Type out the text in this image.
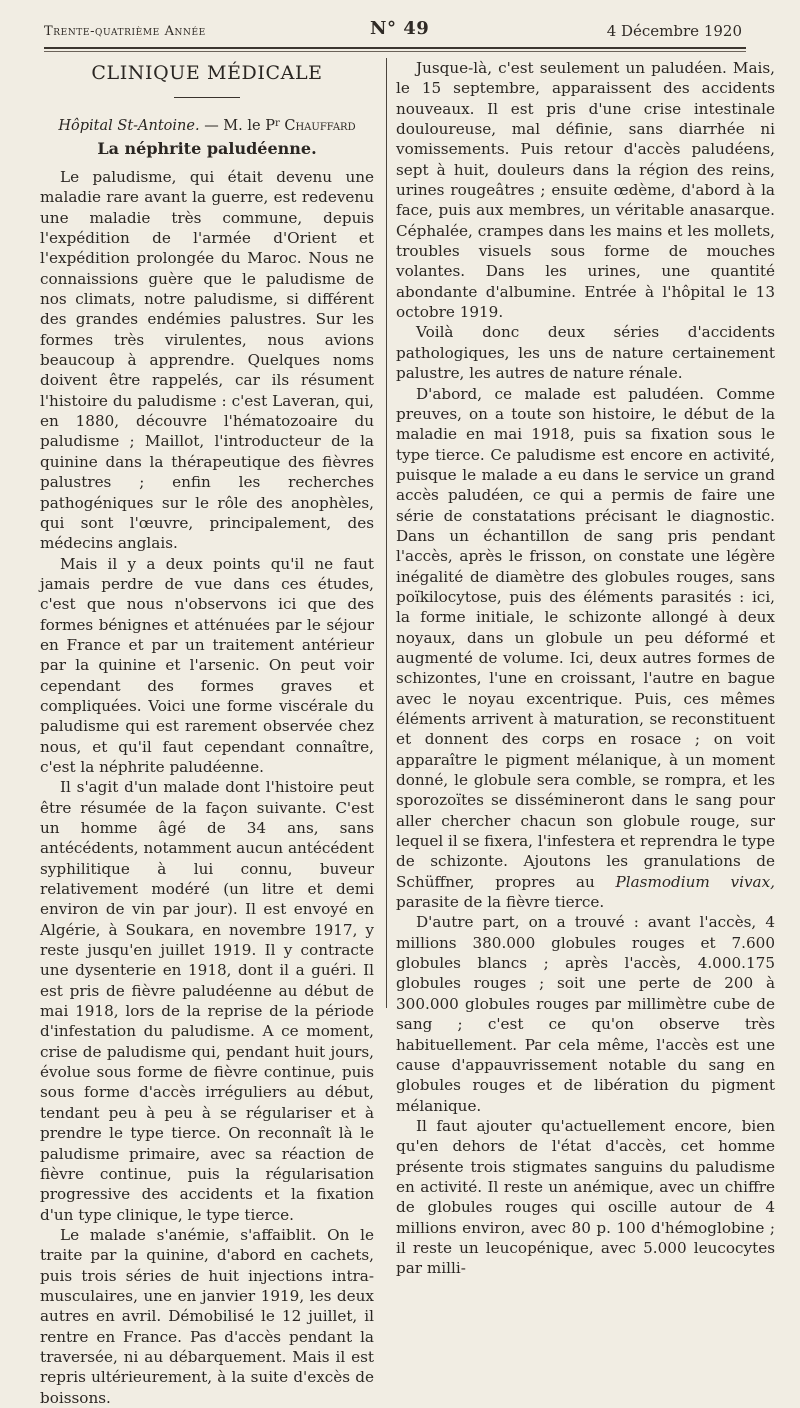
Trente-quatrième Année	N° 49	4 Décembre 1920
CLINIQUE MÉDICALE
Hôpital St-Antoine. — M. le $P^r$ Chauffard
La néphrite paludéenne.

Le paludisme, qui était devenu une maladie rare avant la guerre, est redevenu une maladie très commune, depuis l'expédition de l'armée d'Orient et l'expédition prolongée du Maroc. Nous ne connaissions guère que le paludisme de nos climats, notre paludisme, si différent des grandes endémies palustres. Sur les formes très virulentes, nous avions beaucoup à apprendre. Quelques noms doivent être rappelés, car ils résument l'histoire du paludisme : c'est Laveran, qui, en 1880, découvre l'hématozoaire du paludisme ; Maillot, l'introducteur de la quinine dans la thérapeutique des fièvres palustres ; enfin les recherches pathogéniques sur le rôle des anophèles, qui sont l'œuvre, principalement, des médecins anglais.

Mais il y a deux points qu'il ne faut jamais perdre de vue dans ces études, c'est que nous n'observons ici que des formes bénignes et atténuées par le séjour en France et par un traitement antérieur par la quinine et l'arsenic. On peut voir cependant des formes graves et compliquées. Voici une forme viscérale du paludisme qui est rarement observée chez nous, et qu'il faut cependant connaître, c'est la néphrite paludéenne.

Il s'agit d'un malade dont l'histoire peut être résumée de la façon suivante. C'est un homme âgé de 34 ans, sans antécédents, notamment aucun antécédent syphilitique à lui connu, buveur relativement modéré (un litre et demi environ de vin par jour). Il est envoyé en Algérie, à Soukara, en novembre 1917, y reste jusqu'en juillet 1919. Il y contracte une dysenterie en 1918, dont il a guéri. Il est pris de fièvre paludéenne au début de mai 1918, lors de la reprise de la période d'infestation du paludisme. A ce moment, crise de paludisme qui, pendant huit jours, évolue sous forme de fièvre continue, puis sous forme d'accès irréguliers au début, tendant peu à peu à se régulariser et à prendre le type tierce. On reconnaît là le paludisme primaire, avec sa réaction de fièvre continue, puis la régularisation progressive des accidents et la fixation d'un type clinique, le type tierce.

Le malade s'anémie, s'affaiblit. On le traite par la quinine, d'abord en cachets, puis trois séries de huit injections intra-musculaires, une en janvier 1919, les deux autres en avril. Démobilisé le 12 juillet, il rentre en France. Pas d'accès pendant la traversée, ni au débarquement. Mais il est repris ultérieurement, à la suite d'excès de boissons.

Jusque-là, c'est seulement un paludéen. Mais, le 15 septembre, apparaissent des accidents nouveaux. Il est pris d'une crise intestinale douloureuse, mal définie, sans diarrhée ni vomissements. Puis retour d'accès paludéens, sept à huit, douleurs dans la région des reins, urines rougeâtres ; ensuite œdème, d'abord à la face, puis aux membres, un véritable anasarque. Céphalée, crampes dans les mains et les mollets, troubles visuels sous forme de mouches volantes. Dans les urines, une quantité abondante d'albumine. Entrée à l'hôpital le 13 octobre 1919.

Voilà donc deux séries d'accidents pathologiques, les uns de nature certainement palustre, les autres de nature rénale.

D'abord, ce malade est paludéen. Comme preuves, on a toute son histoire, le début de la maladie en mai 1918, puis sa fixation sous le type tierce. Ce paludisme est encore en activité, puisque le malade a eu dans le service un grand accès paludéen, ce qui a permis de faire une série de constatations précisant le diagnostic. Dans un échantillon de sang pris pendant l'accès, après le frisson, on constate une légère inégalité de diamètre des globules rouges, sans poïkilocytose, puis des éléments parasités : ici, la forme initiale, le schizonte allongé à deux noyaux, dans un globule un peu déformé et augmenté de volume. Ici, deux autres formes de schizontes, l'une en croissant, l'autre en bague avec le noyau excentrique. Puis, ces mêmes éléments arrivent à maturation, se reconstituent et donnent des corps en rosace ; on voit apparaître le pigment mélanique, à un moment donné, le globule sera comble, se rompra, et les sporozoïtes se dissémineront dans le sang pour aller chercher chacun son globule rouge, sur lequel il se fixera, l'infestera et reprendra le type de schizonte. Ajoutons les granulations de Schüffner, propres au Plasmodium vivax, parasite de la fièvre tierce.

D'autre part, on a trouvé : avant l'accès, 4 millions 380.000 globules rouges et 7.600 globules blancs ; après l'accès, 4.000.175 globules rouges ; soit une perte de 200 à 300.000 globules rouges par millimètre cube de sang ; c'est ce qu'on observe très habituellement. Par cela même, l'accès est une cause d'appauvrissement notable du sang en globules rouges et de libération du pigment mélanique.

Il faut ajouter qu'actuellement encore, bien qu'en dehors de l'état d'accès, cet homme présente trois stigmates sanguins du paludisme en activité. Il reste un anémique, avec un chiffre de globules rouges qui oscille autour de 4 millions environ, avec 80 p. 100 d'hémoglobine ; il reste un leucopénique, avec 5.000 leucocytes par milli-
